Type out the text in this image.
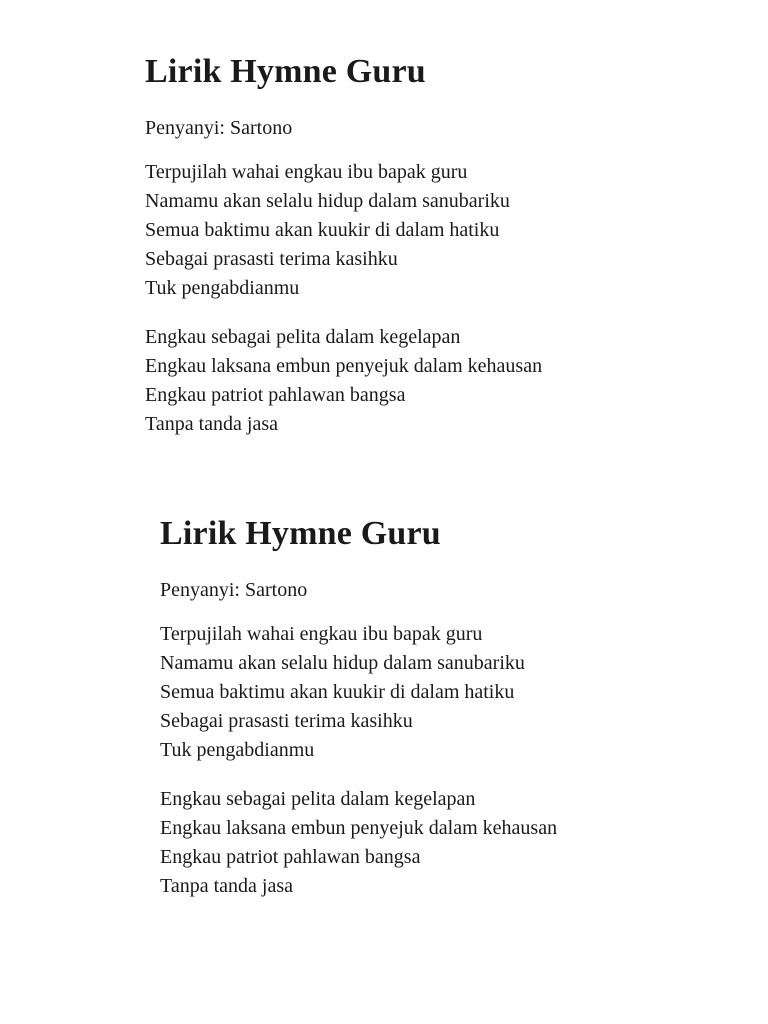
Lirik Hymne Guru
Penyanyi: Sartono
Terpujilah wahai engkau ibu bapak guru
Namamu akan selalu hidup dalam sanubariku
Semua baktimu akan kuukir di dalam hatiku
Sebagai prasasti terima kasihku
Tuk pengabdianmu
Engkau sebagai pelita dalam kegelapan
Engkau laksana embun penyejuk dalam kehausan
Engkau patriot pahlawan bangsa
Tanpa tanda jasa
Lirik Hymne Guru
Penyanyi: Sartono
Terpujilah wahai engkau ibu bapak guru
Namamu akan selalu hidup dalam sanubariku
Semua baktimu akan kuukir di dalam hatiku
Sebagai prasasti terima kasihku
Tuk pengabdianmu
Engkau sebagai pelita dalam kegelapan
Engkau laksana embun penyejuk dalam kehausan
Engkau patriot pahlawan bangsa
Tanpa tanda jasa
